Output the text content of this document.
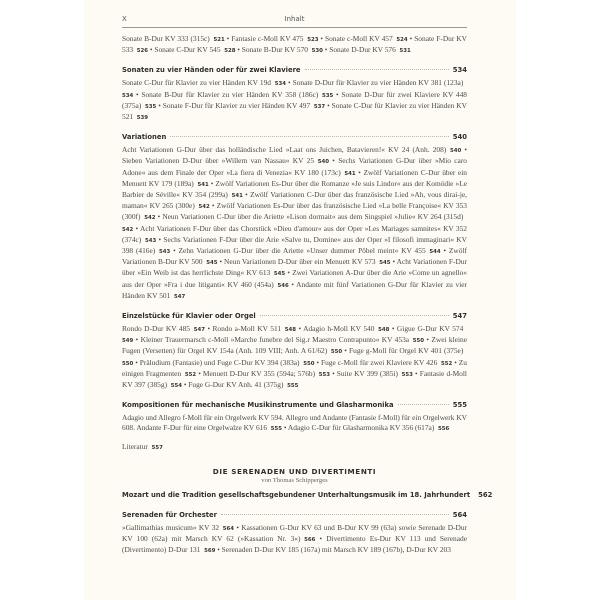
X	Inhalt

Sonate B-Dur KV 333 (315c)  521 • Fantasie c-Moll KV 475  523 • Sonate c-Moll KV 457  524 • Sonate F-Dur KV 533  526 • Sonate C-Dur KV 545  528 • Sonate B-Dur KV 570  530 • Sonate D-Dur KV 576  531

Sonaten zu vier Händen oder für zwei Klaviere	534

Sonate C-Dur für Klavier zu vier Händen KV 19d  534 • Sonate D-Dur für Klavier zu vier Händen KV 381 (123a) 534 • Sonate B-Dur für Klavier zu vier Händen KV 358 (186c)  535 • Sonate D-Dur für zwei Klaviere KV 448 (375a)  535 • Sonate F-Dur für Klavier zu vier Händen KV 497  537 • Sonate C-Dur für Klavier zu vier Händen KV 521  539

Variationen	540

Acht Variationen G-Dur über das holländische Lied »Laat ons Juichen, Batavieren!« KV 24 (Anh. 208)  540 • Sieben Variationen D-Dur über »Willem van Nassau« KV 25  540 • Sechs Variationen G-Dur über »Mio caro Adone« aus dem Finale der Oper »La fiera di Venezia« KV 180 (173c)  541 • Zwölf Variationen C-Dur über ein Menuett KV 179 (189a)  541 • Zwölf Variationen Es-Dur über die Romanze »Je suis Lindor« aus der Komödie »Le Barbier de Séville« KV 354 (299a)  541 • Zwölf Variationen C-Dur über das französische Lied »Ah, vous dirai-je, maman« KV 265 (300e)  542 • Zwölf Variationen Es-Dur über das französische Lied »La belle Françoise« KV 353 (300f)  542 • Neun Variationen C-Dur über die Ariette »Lison dormait« aus dem Singspiel »Julie« KV 264 (315d) 542 • Acht Variationen F-Dur über das Chorstück »Dieu d'amour« aus der Oper »Les Mariages samnites« KV 352 (374c)  543 • Sechs Variationen F-Dur über die Arie »Salve tu, Domine« aus der Oper »I filosofi immaginari« KV 398 (416e)  543 • Zehn Variationen G-Dur über die Ariette »Unser dummer Pöbel meint« KV 455  544 • Zwölf Variationen B-Dur KV 500  545 • Neun Variationen D-Dur über ein Menuett KV 573  545 • Acht Variationen F-Dur über »Ein Weib ist das herrlichste Ding« KV 613  545 • Zwei Variationen A-Dur über die Arie »Come un agnello« aus der Oper »Fra i due litiganti« KV 460 (454a)  546 • Andante mit fünf Variationen G-Dur für Klavier zu vier Händen KV 501  547

Einzelstücke für Klavier oder Orgel	547

Rondo D-Dur KV 485  547 • Rondo a-Moll KV 511  548 • Adagio h-Moll KV 540  548 • Gigue G-Dur KV 574 549 • Kleiner Trauermarsch c-Moll »Marche funebre del Sig.r Maestro Contrapunto« KV 453a  550 • Zwei kleine Fugen (Versetten) für Orgel KV 154a (Anh. 109 VIII; Anh. A 61/62)  550 • Fuge g-Moll für Orgel KV 401 (375e) 550 • Präludium (Fantasie) und Fuge C-Dur KV 394 (383a)  550 • Fuge c-Moll für zwei Klaviere KV 426  552 • Zu einigen Fragmenten  552 • Menuett D-Dur KV 355 (594a; 576b)  553 • Suite KV 399 (385i)  553 • Fantasie d-Moll KV 397 (385g)  554 • Fuge G-Dur KV Anh. 41 (375g)  555

Kompositionen für mechanische Musikinstrumente und Glasharmonika	555

Adagio und Allegro f-Moll für ein Orgelwerk KV 594. Allegro und Andante (Fantasie f-Moll) für ein Orgelwerk KV 608. Andante F-Dur für eine Orgelwalze KV 616  555 • Adagio C-Dur für Glasharmonika KV 356 (617a)  556

Literatur 557
DIE SERENADEN UND DIVERTIMENTI
von Thomas Schipperges
Mozart und die Tradition gesellschaftsgebundener Unterhaltungsmusik im 18. Jahrhundert 562
Serenaden für Orchester	564

»Gallimathias musicum« KV 32  564 • Kassationen G-Dur KV 63 und B-Dur KV 99 (63a) sowie Serenade D-Dur KV 100 (62a) mit Marsch KV 62 (»Kassation Nr. 3«)  566 • Divertimento Es-Dur KV 113 und Serenade (Divertimento) D-Dur 131  569 • Serenaden D-Dur KV 185 (167a) mit Marsch KV 189 (167b), D-Dur KV 203
